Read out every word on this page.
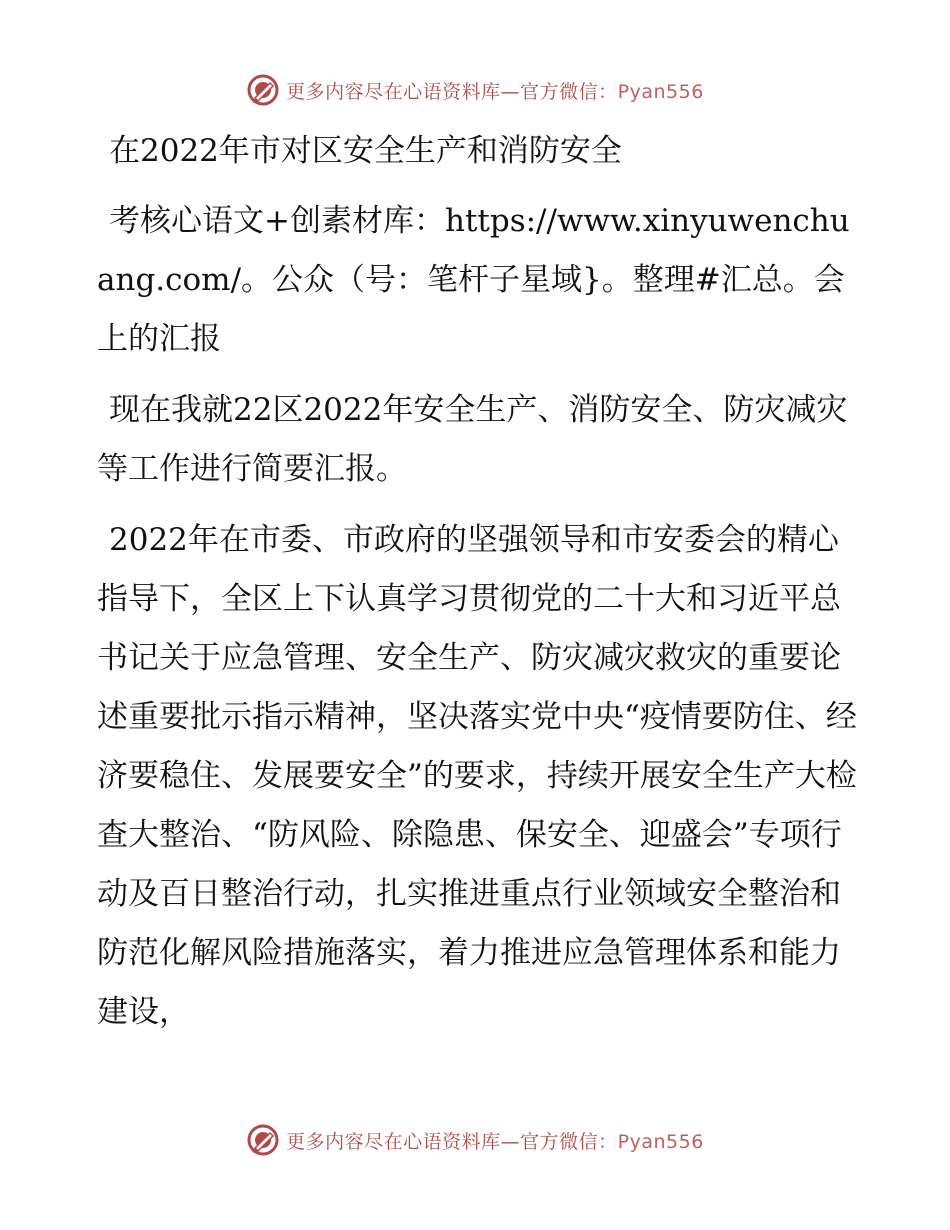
更多内容尽在心语资料库—官方微信：Pyan556

在2022年市对区安全生产和消防安全

考核心语文+创素材库：https://www.xinyuwenchuang.com/。公众（号：笔杆子星域}。整理#汇总。会上的汇报

现在我就22区2022年安全生产、消防安全、防灾减灾等工作进行简要汇报。

2022年在市委、市政府的坚强领导和市安委会的精心指导下，全区上下认真学习贯彻党的二十大和习近平总书记关于应急管理、安全生产、防灾减灾救灾的重要论述重要批示指示精神，坚决落实党中央“疫情要防住、经济要稳住、发展要安全”的要求，持续开展安全生产大检查大整治、“防风险、除隐患、保安全、迎盛会”专项行动及百日整治行动，扎实推进重点行业领域安全整治和防范化解风险措施落实，着力推进应急管理体系和能力建设，

更多内容尽在心语资料库—官方微信：Pyan556
